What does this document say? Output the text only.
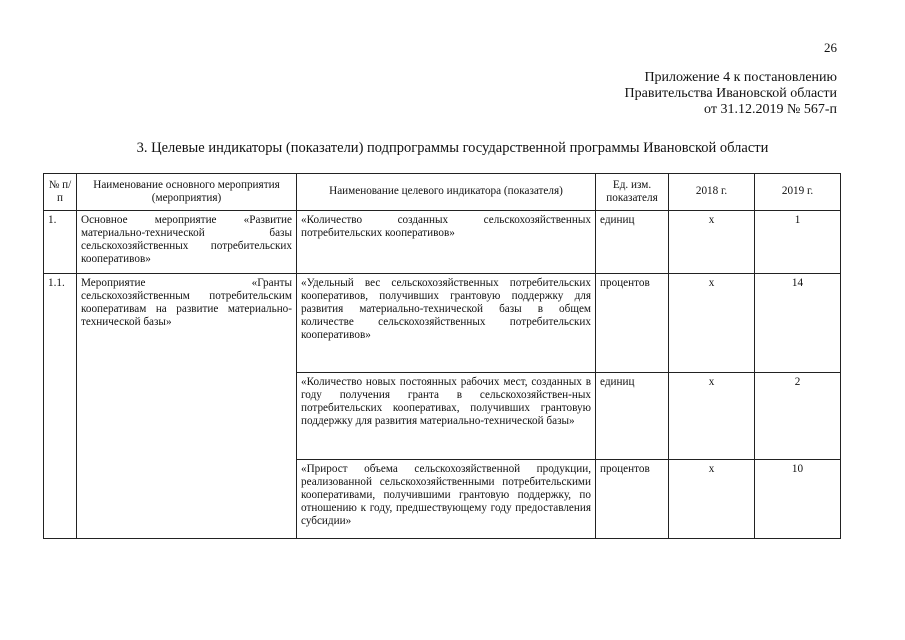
26
Приложение 4 к постановлению
Правительства Ивановской области
от 31.12.2019 № 567-п
3. Целевые индикаторы (показатели) подпрограммы государственной программы Ивановской области
№ п/п	Наименование основного мероприятия (мероприятия)	Наименование целевого индикатора (показателя)	Ед. изм. показателя	2018 г.	2019 г.
1.	Основное мероприятие «Развитие материально-технической базы сельскохозяйственных потребительских кооперативов»	«Количество созданных сельскохозяйственных потребительских кооперативов»	единиц	х	1
1.1.	Мероприятие «Гранты сельскохозяйственным потребительским кооперативам на развитие материально-технической базы»	«Удельный вес сельскохозяйственных потребительских кооперативов, получивших грантовую поддержку для развития материально-технической базы в общем количестве сельскохозяйственных потребительских кооперативов»	процентов	х	14
		«Количество новых постоянных рабочих мест, созданных в году получения гранта в сельскохозяйствен-ных потребительских кооперативах, получивших грантовую поддержку для развития материально-технической базы»	единиц	х	2
		«Прирост объема сельскохозяйственной продукции, реализованной сельскохозяйственными потребительскими кооперативами, получившими грантовую поддержку, по отношению к году, предшествующему году предоставления субсидии»	процентов	х	10
